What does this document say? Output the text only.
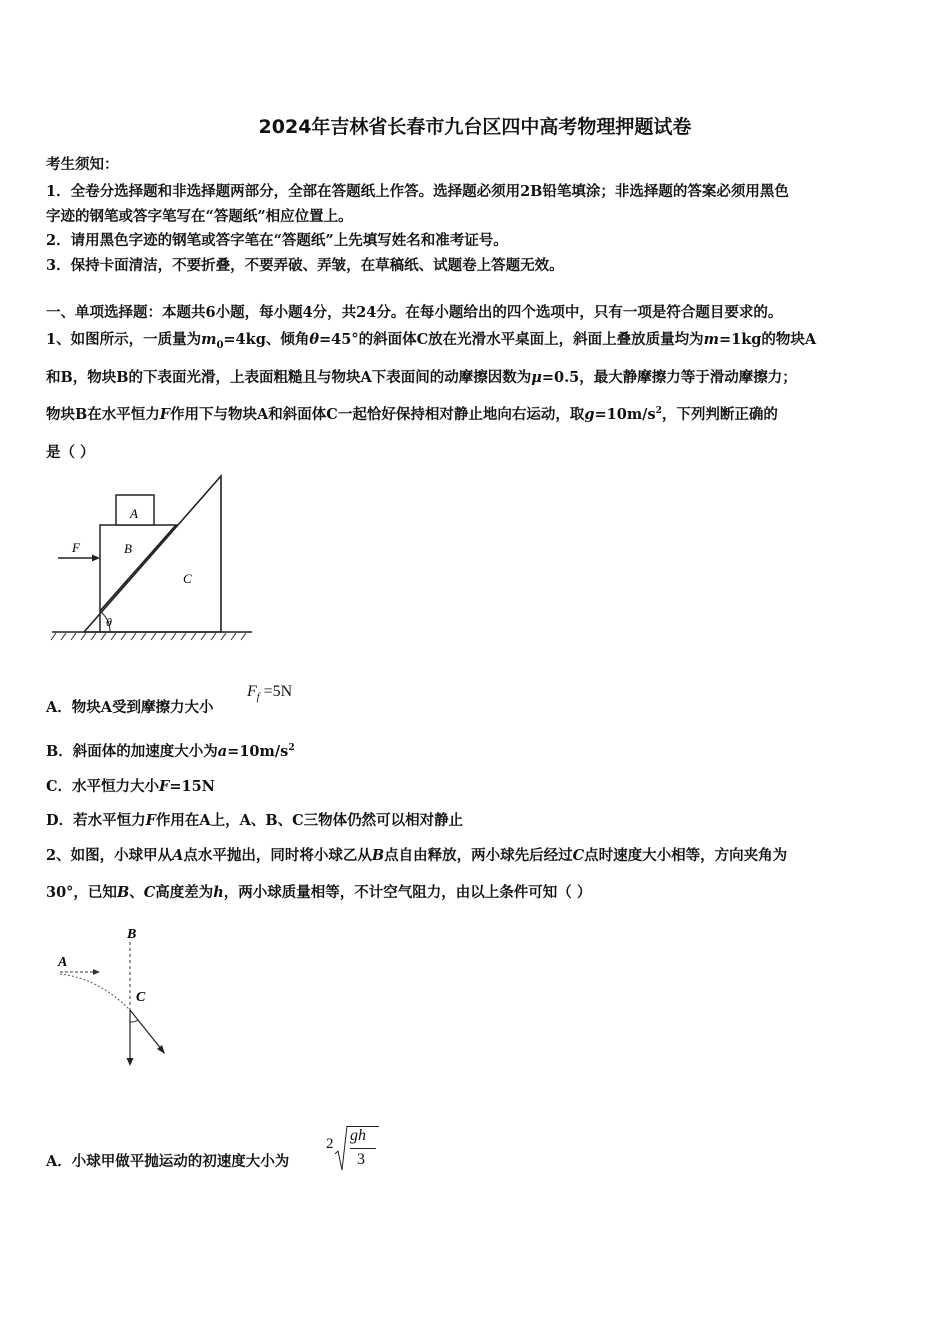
2024年吉林省长春市九台区四中高考物理押题试卷
考生须知：
1．全卷分选择题和非选择题两部分，全部在答题纸上作答。选择题必须用2B铅笔填涂；非选择题的答案必须用黑色
字迹的钢笔或答字笔写在“答题纸”相应位置上。
2．请用黑色字迹的钢笔或答字笔在“答题纸”上先填写姓名和准考证号。
3．保持卡面清洁，不要折叠，不要弄破、弄皱，在草稿纸、试题卷上答题无效。
一、单项选择题：本题共6小题，每小题4分，共24分。在每小题给出的四个选项中，只有一项是符合题目要求的。
1、如图所示，一质量为$m_0=4kg$、倾角θ=45°的斜面体C放在光滑水平桌面上，斜面上叠放质量均为m=1kg的物块A
和B，物块B的下表面光滑，上表面粗糙且与物块A下表面间的动摩擦因数为μ=0.5，最大静摩擦力等于滑动摩擦力；
物块B在水平恒力F作用下与物块A和斜面体C一起恰好保持相对静止地向右运动，取$g=10m/s^2$，下列判断正确的
是（ ）
A
B
C
F
θ
A．物块A受到摩擦力大小
$F_f =5N$
B．斜面体的加速度大小为$a=10m/s^2$
C．水平恒力大小F=15N
D．若水平恒力F作用在A上，A、B、C三物体仍然可以相对静止
2、如图，小球甲从A点水平抛出，同时将小球乙从B点自由释放，两小球先后经过C点时速度大小相等，方向夹角为
30°，已知B、C高度差为h，两小球质量相等，不计空气阻力，由以上条件可知（ ）
A
B
C
A．小球甲做平抛运动的初速度大小为
2 gh
3
